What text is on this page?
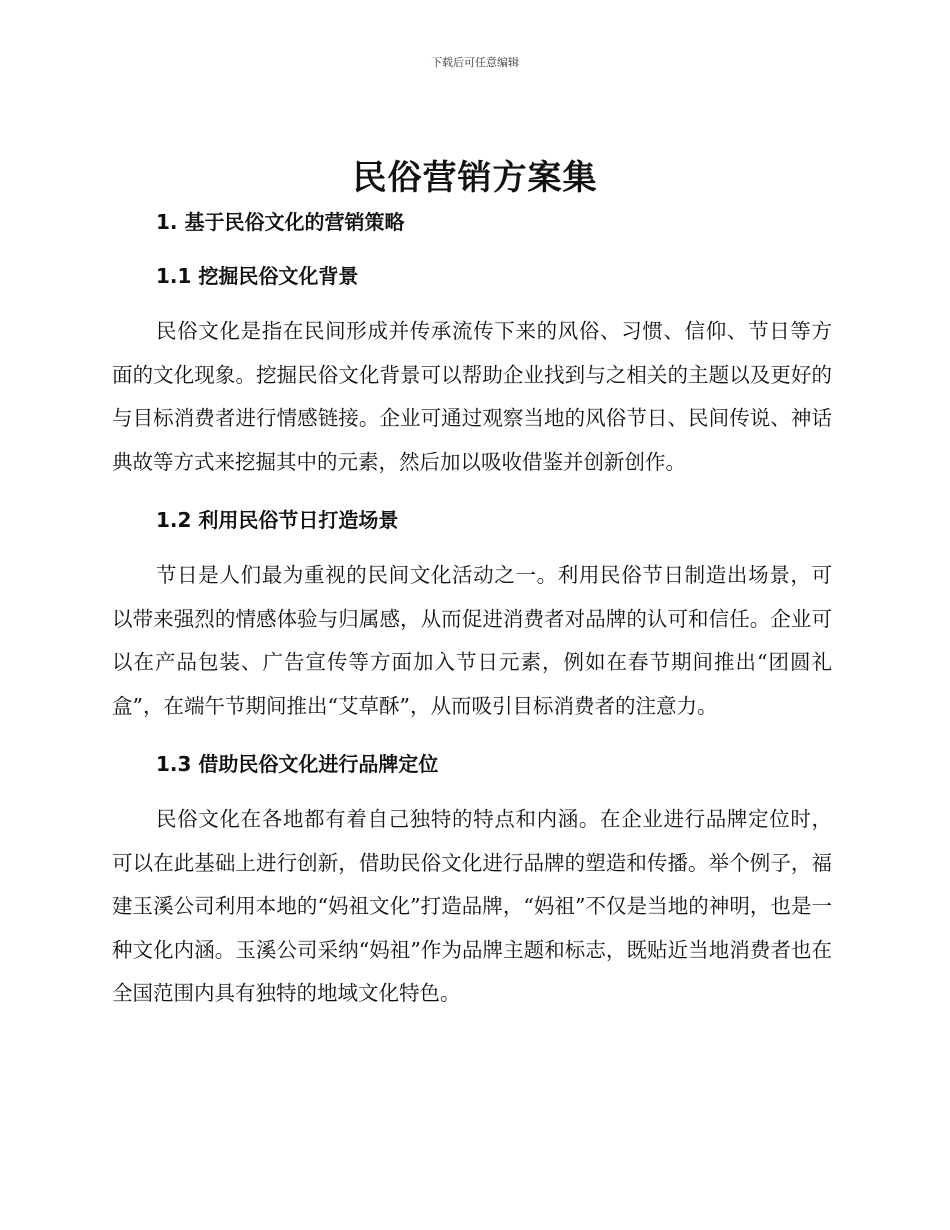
下载后可任意编辑
民俗营销方案集
1. 基于民俗文化的营销策略
1.1 挖掘民俗文化背景

民俗文化是指在民间形成并传承流传下来的风俗、习惯、信仰、节日等方面的文化现象。挖掘民俗文化背景可以帮助企业找到与之相关的主题以及更好的与目标消费者进行情感链接。企业可通过观察当地的风俗节日、民间传说、神话典故等方式来挖掘其中的元素，然后加以吸收借鉴并创新创作。

1.2 利用民俗节日打造场景

节日是人们最为重视的民间文化活动之一。利用民俗节日制造出场景，可以带来强烈的情感体验与归属感，从而促进消费者对品牌的认可和信任。企业可以在产品包装、广告宣传等方面加入节日元素，例如在春节期间推出“团圆礼盒”，在端午节期间推出“艾草酥”，从而吸引目标消费者的注意力。

1.3 借助民俗文化进行品牌定位

民俗文化在各地都有着自己独特的特点和内涵。在企业进行品牌定位时，可以在此基础上进行创新，借助民俗文化进行品牌的塑造和传播。举个例子，福建玉溪公司利用本地的“妈祖文化”打造品牌，“妈祖”不仅是当地的神明，也是一种文化内涵。玉溪公司采纳“妈祖”作为品牌主题和标志，既贴近当地消费者也在全国范围内具有独特的地域文化特色。
